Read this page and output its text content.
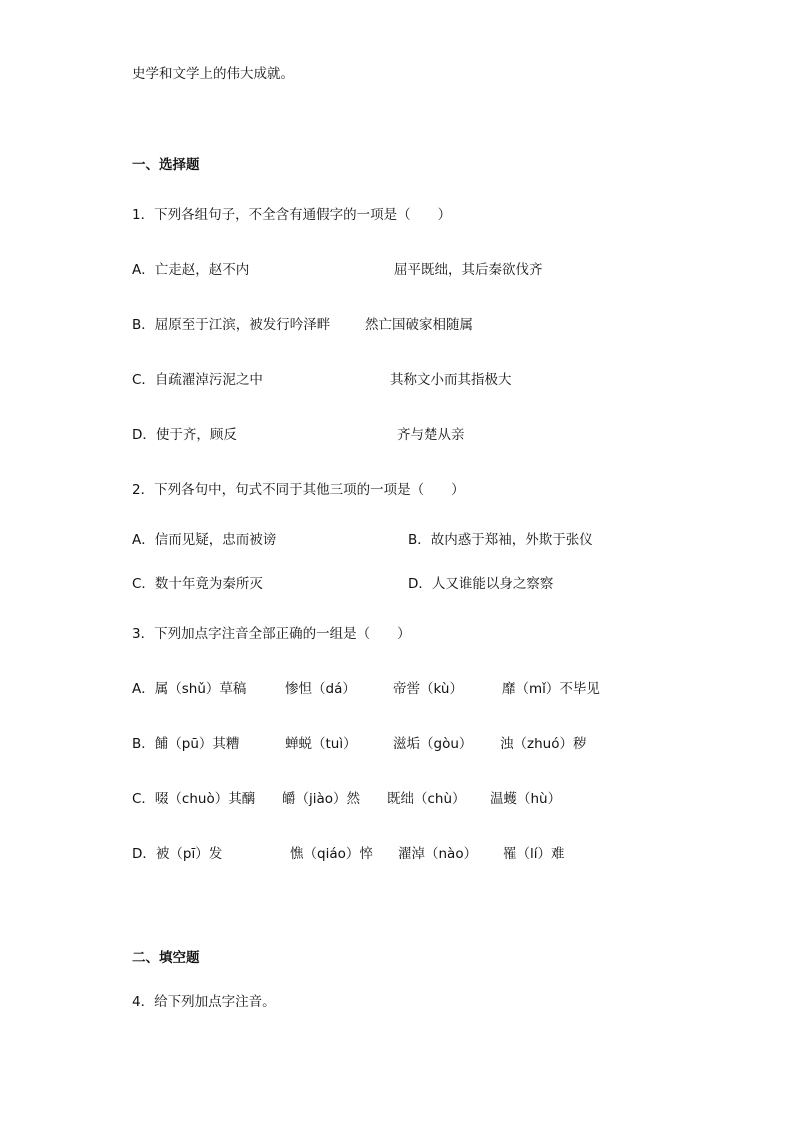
史学和文学上的伟大成就。
一、选择题
1．下列各组句子，不全含有通假字的一项是（　　）
A．亡走赵，赵不内	屈平既绌，其后秦欲伐齐
B．屈原至于江滨，被发行吟泽畔	然亡国破家相随属
C．自疏濯淖污泥之中	其称文小而其指极大
D．使于齐，顾反	齐与楚从亲
2．下列各句中，句式不同于其他三项的一项是（　　）
A．信而见疑，忠而被谤	B．故内惑于郑袖，外欺于张仪
C．数十年竟为秦所灭	D．人又谁能以身之察察
3．下列加点字注音全部正确的一组是（　　）
A．属（shǔ）草稿	惨怛（dá）	帝喾（kù）	靡（mǐ）不毕见
B．餔（pū）其糟	蝉蜕（tuì）	滋垢（gòu） 浊（zhuó）秽
C．啜（chuò）其醨 皭（jiào）然 既绌（chù） 温蠖（hù）
D．被（pī）发	憔（qiáo）悴 濯淖（nào） 罹（lí）难
二、填空题
4．给下列加点字注音。
